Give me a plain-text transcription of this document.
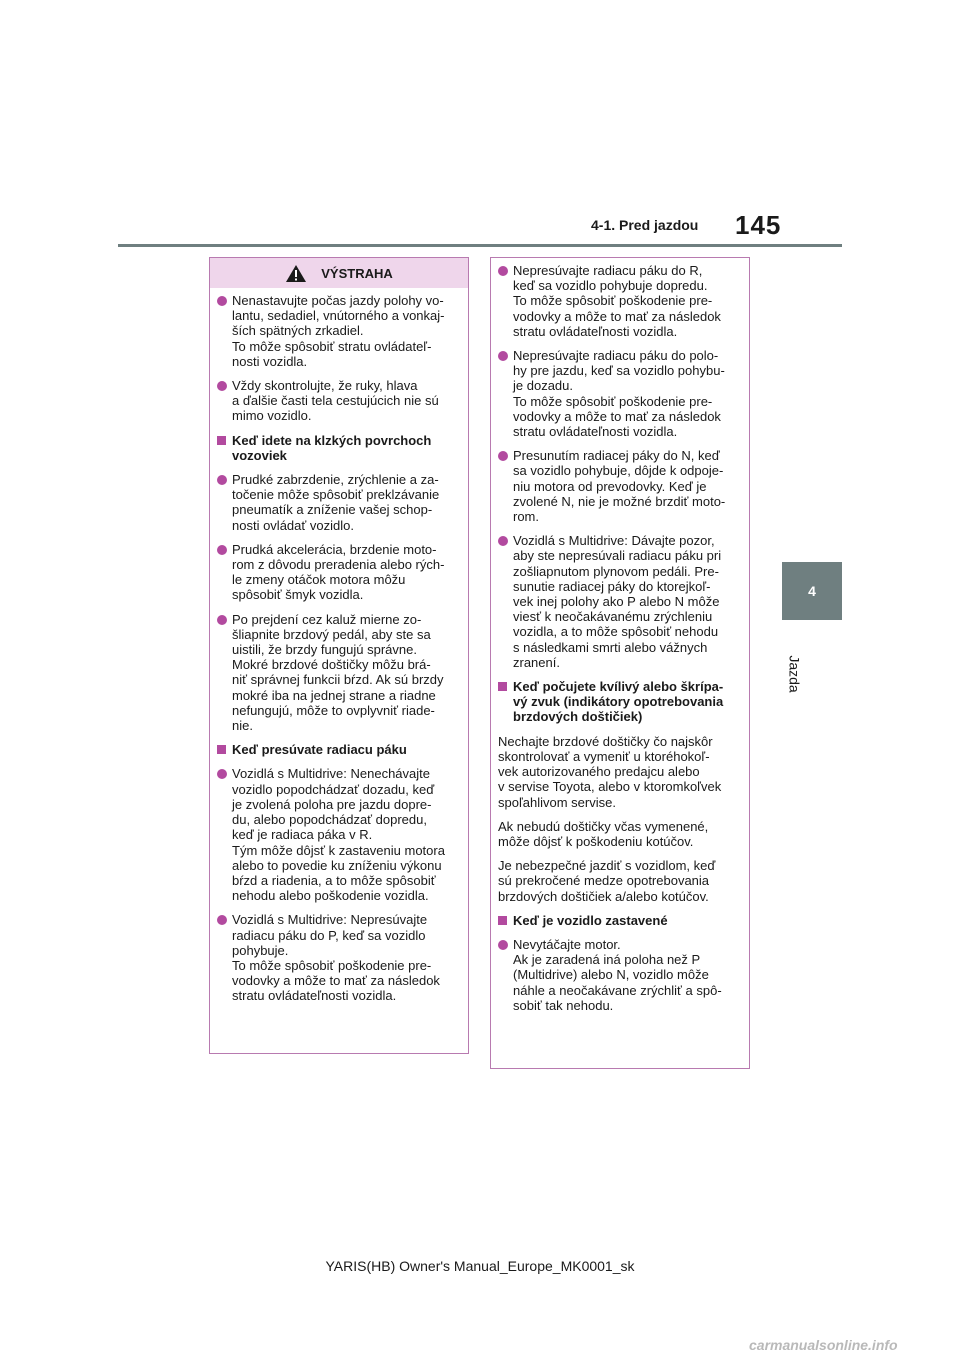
4-1. Pred jazdou 145
4
Jazda
VÝSTRAHA
Nenastavujte počas jazdy polohy vo-
lantu, sedadiel, vnútorného a vonkaj-
ších spätných zrkadiel.
To môže spôsobiť stratu ovládateľ-
nosti vozidla.
Vždy skontrolujte, že ruky, hlava
a ďalšie časti tela cestujúcich nie sú
mimo vozidlo.
Keď idete na klzkých povrchoch
vozoviek
Prudké zabrzdenie, zrýchlenie a za-
točenie môže spôsobiť preklzávanie
pneumatík a zníženie vašej schop-
nosti ovládať vozidlo.
Prudká akcelerácia, brzdenie moto-
rom z dôvodu preradenia alebo rých-
le zmeny otáčok motora môžu
spôsobiť šmyk vozidla.
Po prejdení cez kaluž mierne zo-
šliapnite brzdový pedál, aby ste sa
uistili, že brzdy fungujú správne.
Mokré brzdové doštičky môžu brá-
niť správnej funkcii bŕzd. Ak sú brzdy
mokré iba na jednej strane a riadne
nefungujú, môže to ovplyvniť riade-
nie.
Keď presúvate radiacu páku
Vozidlá s Multidrive: Nenechávajte
vozidlo popodchádzať dozadu, keď
je zvolená poloha pre jazdu dopre-
du, alebo popodchádzať dopredu,
keď je radiaca páka v R.
Tým môže dôjsť k zastaveniu motora
alebo to povedie ku zníženiu výkonu
bŕzd a riadenia, a to môže spôsobiť
nehodu alebo poškodenie vozidla.
Vozidlá s Multidrive: Nepresúvajte
radiacu páku do P, keď sa vozidlo
pohybuje.
To môže spôsobiť poškodenie pre-
vodovky a môže to mať za následok
stratu ovládateľnosti vozidla.
Nepresúvajte radiacu páku do R,
keď sa vozidlo pohybuje dopredu.
To môže spôsobiť poškodenie pre-
vodovky a môže to mať za následok
stratu ovládateľnosti vozidla.
Nepresúvajte radiacu páku do polo-
hy pre jazdu, keď sa vozidlo pohybu-
je dozadu.
To môže spôsobiť poškodenie pre-
vodovky a môže to mať za následok
stratu ovládateľnosti vozidla.
Presunutím radiacej páky do N, keď
sa vozidlo pohybuje, dôjde k odpoje-
niu motora od prevodovky. Keď je
zvolené N, nie je možné brzdiť moto-
rom.
Vozidlá s Multidrive: Dávajte pozor,
aby ste nepresúvali radiacu páku pri
zošliapnutom plynovom pedáli. Pre-
sunutie radiacej páky do ktorejkoľ-
vek inej polohy ako P alebo N môže
viesť k neočakávanému zrýchleniu
vozidla, a to môže spôsobiť nehodu
s následkami smrti alebo vážnych
zranení.
Keď počujete kvílivý alebo škrípa-
vý zvuk (indikátory opotrebovania
brzdových doštičiek)
Nechajte brzdové doštičky čo najskôr
skontrolovať a vymeniť u ktoréhokoľ-
vek autorizovaného predajcu alebo
v servise Toyota, alebo v ktoromkoľvek
spoľahlivom servise.
Ak nebudú doštičky včas vymenené,
môže dôjsť k poškodeniu kotúčov.
Je nebezpečné jazdiť s vozidlom, keď
sú prekročené medze opotrebovania
brzdových doštičiek a/alebo kotúčov.
Keď je vozidlo zastavené
Nevytáčajte motor.
Ak je zaradená iná poloha než P
(Multidrive) alebo N, vozidlo môže
náhle a neočakávane zrýchliť a spô-
sobiť tak nehodu.
YARIS(HB) Owner's Manual_Europe_MK0001_sk
carmanualsonline.info
